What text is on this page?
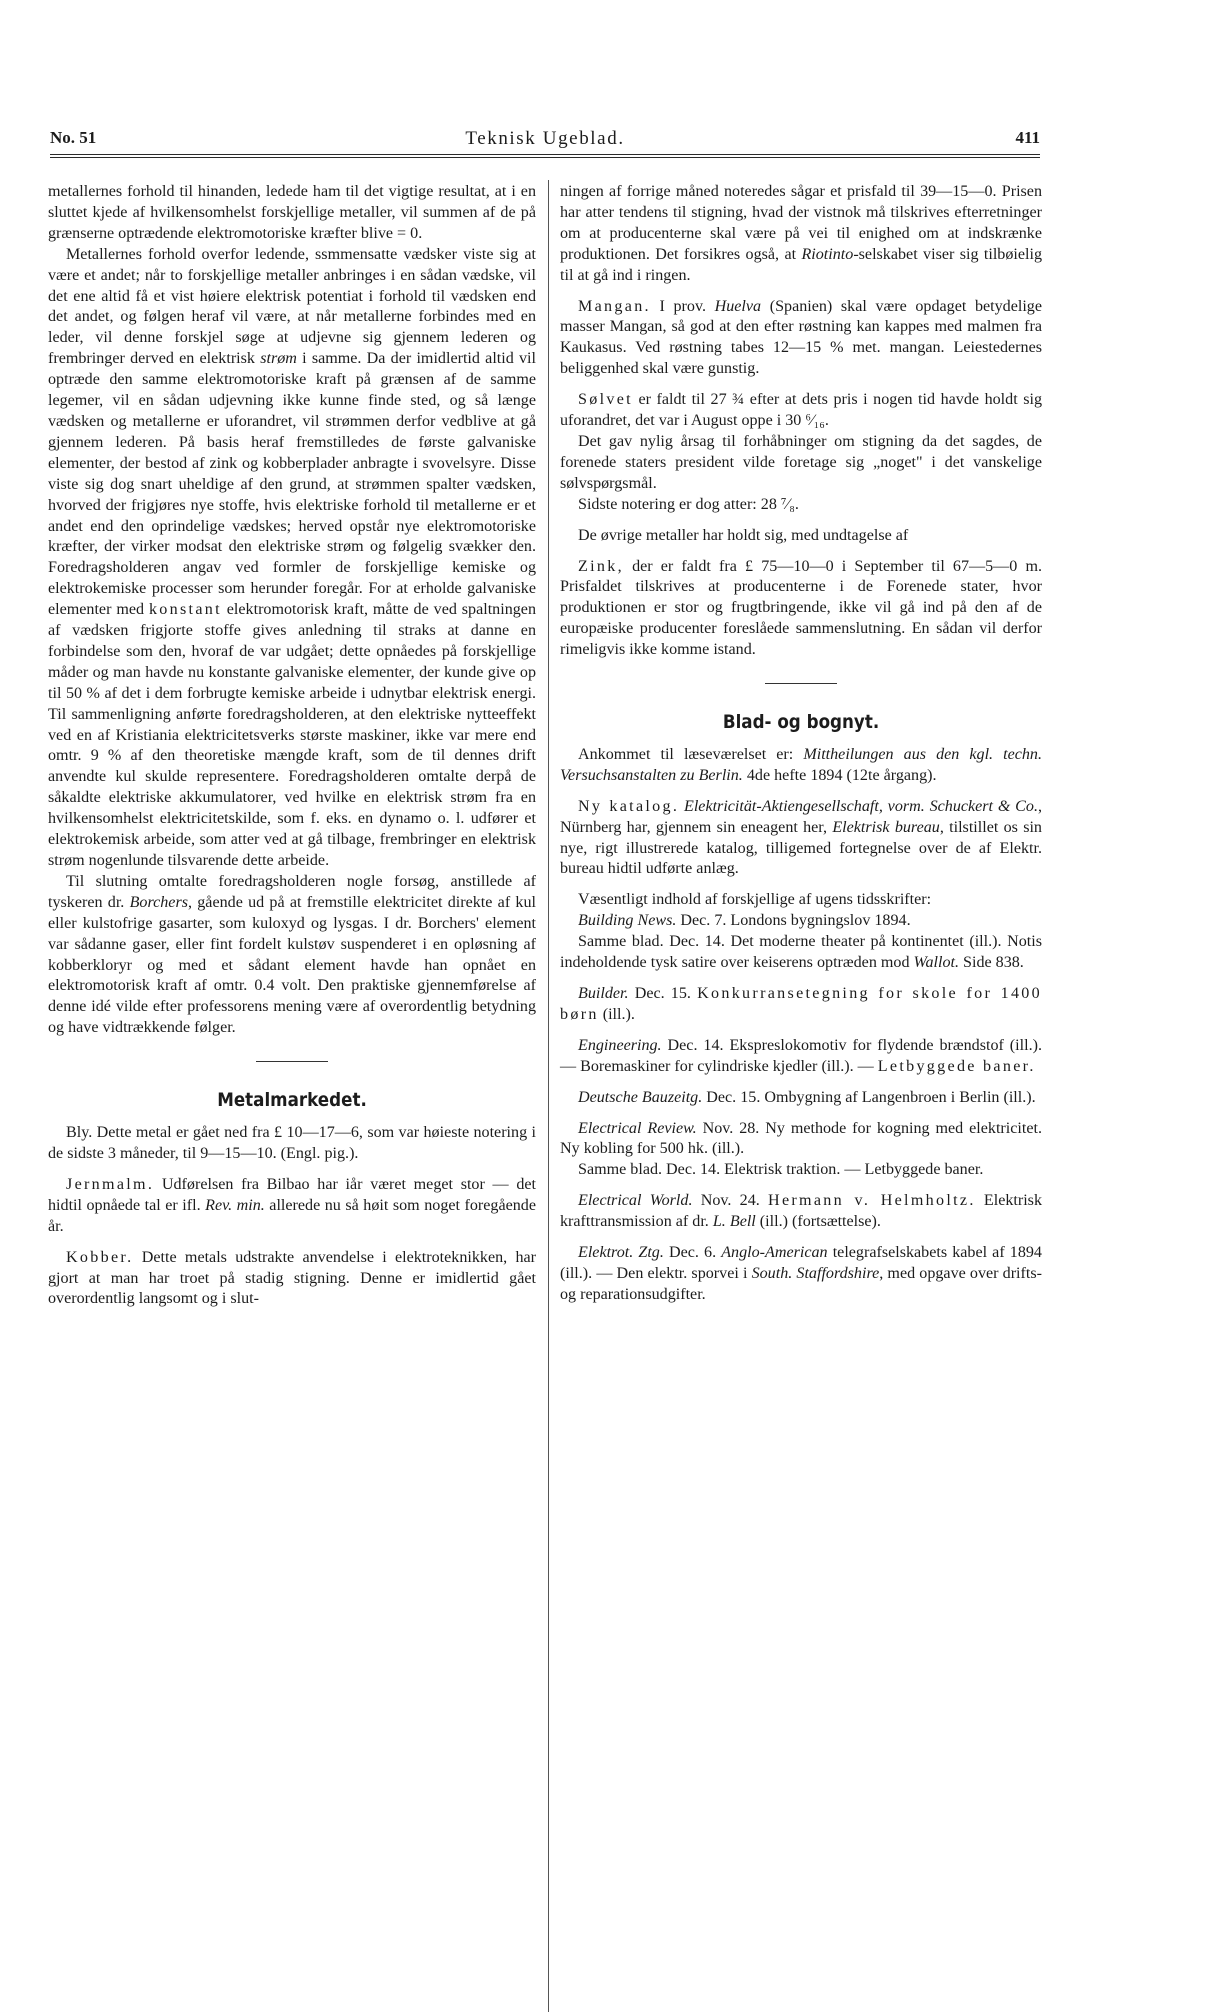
No. 51	Teknisk Ugeblad.	411

metallernes forhold til hinanden, ledede ham til det vigtige resultat, at i en sluttet kjede af hvilkensomhelst forskjellige metaller, vil summen af de på grænserne optrædende elektromotoriske kræfter blive = 0.

Metallernes forhold overfor ledende, ssmmensatte vædsker viste sig at være et andet; når to forskjellige metaller anbringes i en sådan vædske, vil det ene altid få et vist høiere elektrisk potentiat i forhold til vædsken end det andet, og følgen heraf vil være, at når metallerne forbindes med en leder, vil denne forskjel søge at udjevne sig gjennem lederen og frembringer derved en elektrisk strøm i samme. Da der imidlertid altid vil optræde den samme elektromotoriske kraft på grænsen af de samme legemer, vil en sådan udjevning ikke kunne finde sted, og så længe vædsken og metallerne er uforandret, vil strømmen derfor vedblive at gå gjennem lederen. På basis heraf fremstilledes de første galvaniske elementer, der bestod af zink og kobberplader anbragte i svovelsyre. Disse viste sig dog snart uheldige af den grund, at strømmen spalter vædsken, hvorved der frigjøres nye stoffe, hvis elektriske forhold til metallerne er et andet end den oprindelige vædskes; herved opstår nye elektromotoriske kræfter, der virker modsat den elektriske strøm og følgelig svækker den. Foredragsholderen angav ved formler de forskjellige kemiske og elektrokemiske processer som herunder foregår. For at erholde galvaniske elementer med konstant elektromotorisk kraft, måtte de ved spaltningen af vædsken frigjorte stoffe gives anledning til straks at danne en forbindelse som den, hvoraf de var udgået; dette opnåedes på forskjellige måder og man havde nu konstante galvaniske elementer, der kunde give op til 50 % af det i dem forbrugte kemiske arbeide i udnytbar elektrisk energi. Til sammenligning anførte foredragsholderen, at den elektriske nytteeffekt ved en af Kristiania elektricitetsverks største maskiner, ikke var mere end omtr. 9 % af den theoretiske mængde kraft, som de til dennes drift anvendte kul skulde representere. Foredragsholderen omtalte derpå de såkaldte elektriske akkumulatorer, ved hvilke en elektrisk strøm fra en hvilkensomhelst elektricitetskilde, som f. eks. en dynamo o. l. udfører et elektrokemisk arbeide, som atter ved at gå tilbage, frembringer en elektrisk strøm nogenlunde tilsvarende dette arbeide.

Til slutning omtalte foredragsholderen nogle forsøg, anstillede af tyskeren dr. Borchers, gående ud på at fremstille elektricitet direkte af kul eller kulstofrige gasarter, som kuloxyd og lysgas. I dr. Borchers' element var sådanne gaser, eller fint fordelt kulstøv suspenderet i en opløsning af kobberkloryr og med et sådant element havde han opnået en elektromotorisk kraft af omtr. 0.4 volt. Den praktiske gjennemførelse af denne idé vilde efter professorens mening være af overordentlig betydning og have vidtrækkende følger.

Metalmarkedet.

Bly. Dette metal er gået ned fra £ 10—17—6, som var høieste notering i de sidste 3 måneder, til 9—15—10. (Engl. pig.).

Jernmalm. Udførelsen fra Bilbao har iår været meget stor — det hidtil opnåede tal er ifl. Rev. min. allerede nu så høit som noget foregående år.

Kobber. Dette metals udstrakte anvendelse i elektroteknikken, har gjort at man har troet på stadig stigning. Denne er imidlertid gået overordentlig langsomt og i slut-

ningen af forrige måned noteredes sågar et prisfald til 39—15—0. Prisen har atter tendens til stigning, hvad der vistnok må tilskrives efterretninger om at producenterne skal være på vei til enighed om at indskrænke produktionen. Det forsikres også, at Riotinto-selskabet viser sig tilbøielig til at gå ind i ringen.

Mangan. I prov. Huelva (Spanien) skal være opdaget betydelige masser Mangan, så god at den efter røstning kan kappes med malmen fra Kaukasus. Ved røstning tabes 12—15 % met. mangan. Leiestedernes beliggenhed skal være gunstig.

Sølvet er faldt til 27 ¾ efter at dets pris i nogen tid havde holdt sig uforandret, det var i August oppe i 30 ⁶⁄₁₆.

Det gav nylig årsag til forhåbninger om stigning da det sagdes, de forenede staters president vilde foretage sig „noget" i det vanskelige sølvspørgsmål.

Sidste notering er dog atter: 28 ⁷⁄₈.

De øvrige metaller har holdt sig, med undtagelse af

Zink, der er faldt fra £ 75—10—0 i September til 67—5—0 m. Prisfaldet tilskrives at producenterne i de Forenede stater, hvor produktionen er stor og frugtbringende, ikke vil gå ind på den af de europæiske producenter foreslåede sammenslutning. En sådan vil derfor rimeligvis ikke komme istand.

Blad- og bognyt.

Ankommet til læseværelset er: Mittheilungen aus den kgl. techn. Versuchsanstalten zu Berlin. 4de hefte 1894 (12te årgang).

Ny katalog. Elektricität-Aktiengesellschaft, vorm. Schuckert & Co., Nürnberg har, gjennem sin eneagent her, Elektrisk bureau, tilstillet os sin nye, rigt illustrerede katalog, tilligemed fortegnelse over de af Elektr. bureau hidtil udførte anlæg.

Væsentligt indhold af forskjellige af ugens tidsskrifter:

Building News. Dec. 7. Londons bygningslov 1894.

Samme blad. Dec. 14. Det moderne theater på kontinentet (ill.). Notis indeholdende tysk satire over keiserens optræden mod Wallot. Side 838.

Builder. Dec. 15. Konkurransetegning for skole for 1400 børn (ill.).

Engineering. Dec. 14. Ekspreslokomotiv for flydende brændstof (ill.). — Boremaskiner for cylindriske kjedler (ill.). — Letbyggede baner.

Deutsche Bauzeitg. Dec. 15. Ombygning af Langenbroen i Berlin (ill.).

Electrical Review. Nov. 28. Ny methode for kogning med elektricitet. Ny kobling for 500 hk. (ill.).

Samme blad. Dec. 14. Elektrisk traktion. — Letbyggede baner.

Electrical World. Nov. 24. Hermann v. Helmholtz. Elektrisk krafttransmission af dr. L. Bell (ill.) (fortsættelse).

Elektrot. Ztg. Dec. 6. Anglo-American telegrafselskabets kabel af 1894 (ill.). — Den elektr. sporvei i South. Staffordshire, med opgave over drifts- og reparationsudgifter.
